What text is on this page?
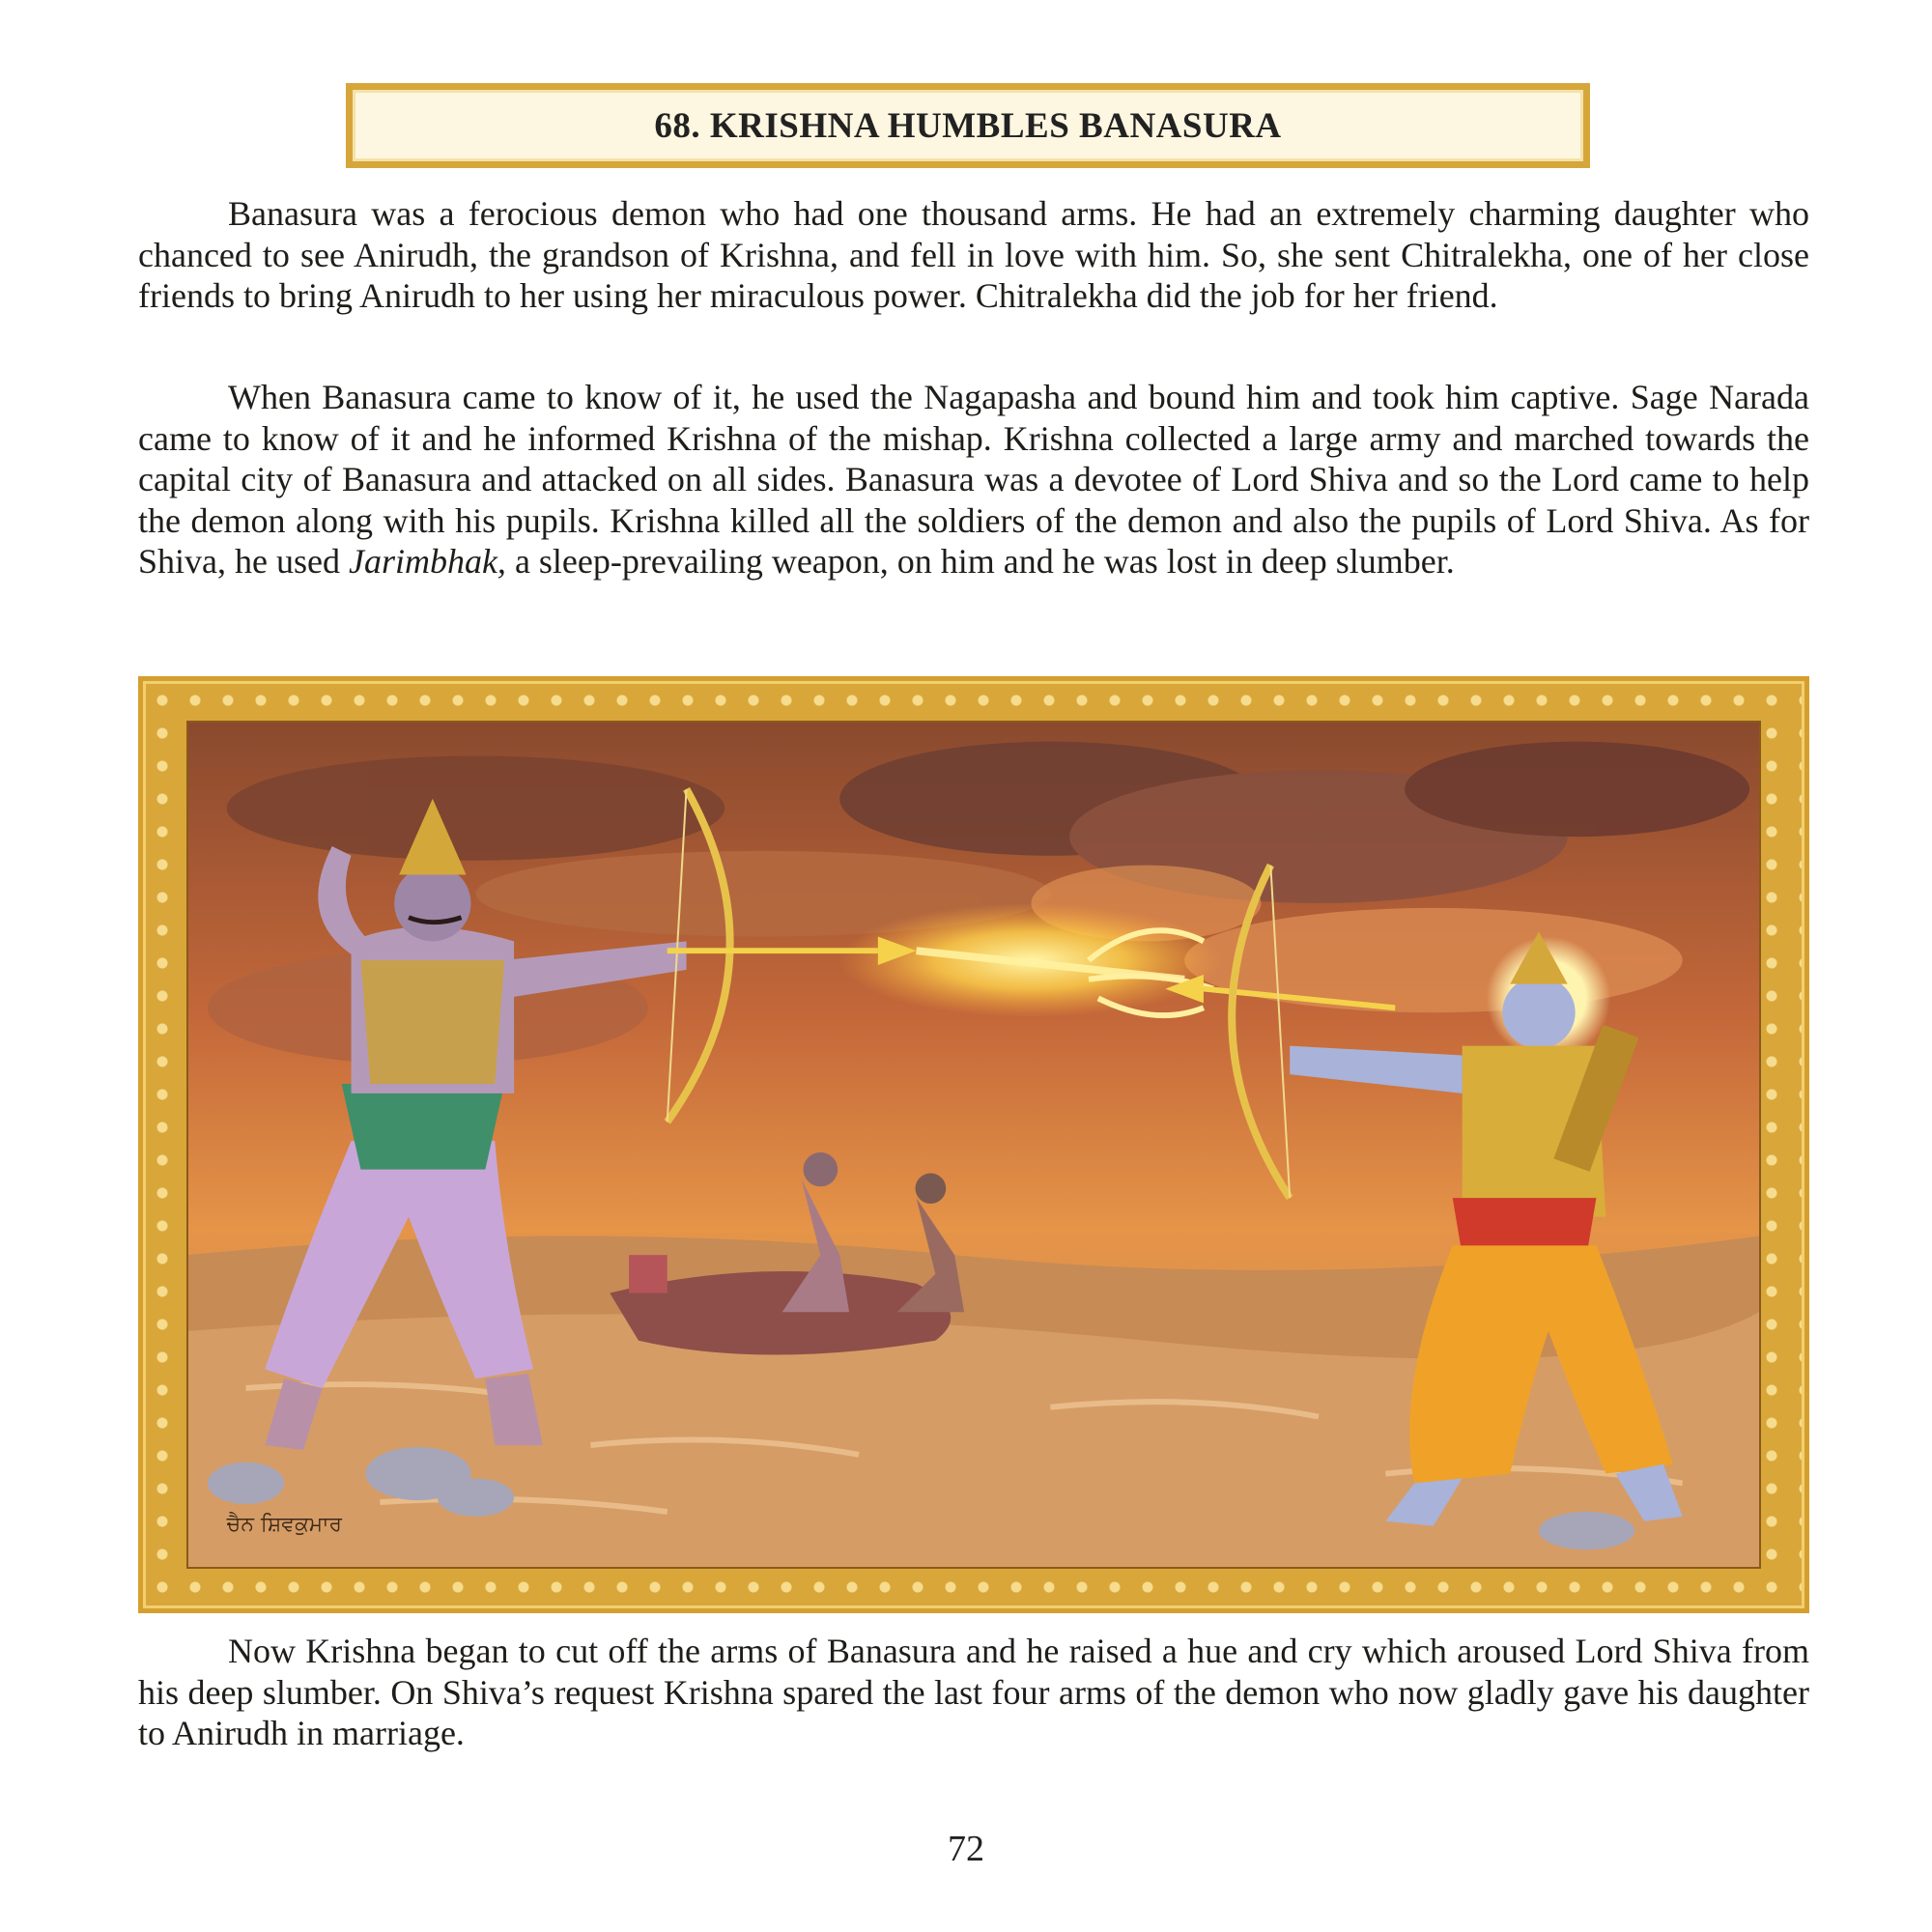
68. KRISHNA HUMBLES BANASURA

Banasura was a ferocious demon who had one thousand arms. He had an extremely charming daughter who chanced to see Anirudh, the grandson of Krishna, and fell in love with him. So, she sent Chitralekha, one of her close friends to bring Anirudh to her using her miraculous power. Chitralekha did the job for her friend.

When Banasura came to know of it, he used the Nagapasha and bound him and took him captive. Sage Narada came to know of it and he informed Krishna of the mishap. Krishna collected a large army and marched towards the capital city of Banasura and attacked on all sides. Banasura was a devotee of Lord Shiva and so the Lord came to help the demon along with his pupils. Krishna killed all the soldiers of the demon and also the pupils of Lord Shiva. As for Shiva, he used Jarimbhak, a sleep-prevailing weapon, on him and he was lost in deep slumber.

ਚੈਨ ਸ਼ਿਵਕੁਮਾਰ

Now Krishna began to cut off the arms of Banasura and he raised a hue and cry which aroused Lord Shiva from his deep slumber. On Shiva’s request Krishna spared the last four arms of the demon who now gladly gave his daughter to Anirudh in marriage.

72
